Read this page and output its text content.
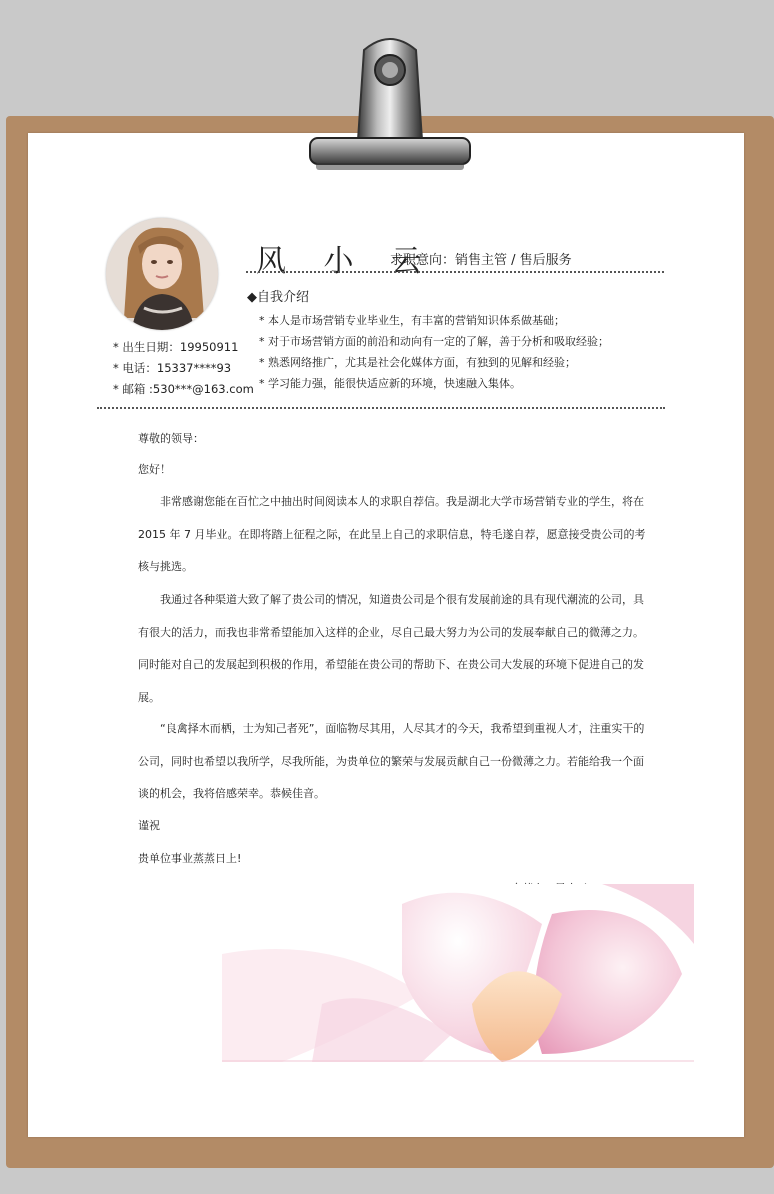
风 小 云
求职意向：销售主管 / 售后服务
◆自我介绍
* 本人是市场营销专业毕业生，有丰富的营销知识体系做基础；
* 对于市场营销方面的前沿和动向有一定的了解，善于分析和吸取经验；
* 熟悉网络推广，尤其是社会化媒体方面，有独到的见解和经验；
* 学习能力强，能很快适应新的环境，快速融入集体。
* 出生日期：19950911
* 电话：15337****93
* 邮箱 :530***@163.com

尊敬的领导：

您好！

非常感谢您能在百忙之中抽出时间阅读本人的求职自荐信。我是湖北大学市场营销专业的学生，将在

2015 年 7 月毕业。在即将踏上征程之际，在此呈上自己的求职信息，特毛遂自荐，愿意接受贵公司的考

核与挑选。

我通过各种渠道大致了解了贵公司的情况，知道贵公司是个很有发展前途的具有现代潮流的公司，具

有很大的活力，而我也非常希望能加入这样的企业，尽自己最大努力为公司的发展奉献自己的微薄之力。

同时能对自己的发展起到积极的作用，希望能在贵公司的帮助下、在贵公司大发展的环境下促进自己的发

展。

“良禽择木而栖，士为知己者死”，面临物尽其用，人尽其才的今天，我希望到重视人才，注重实干的

公司，同时也希望以我所学，尽我所能，为贵单位的繁荣与发展贡献自己一份微薄之力。若能给我一个面

谈的机会，我将倍感荣幸。恭候佳音。

谨祝

贵单位事业蒸蒸日上!
